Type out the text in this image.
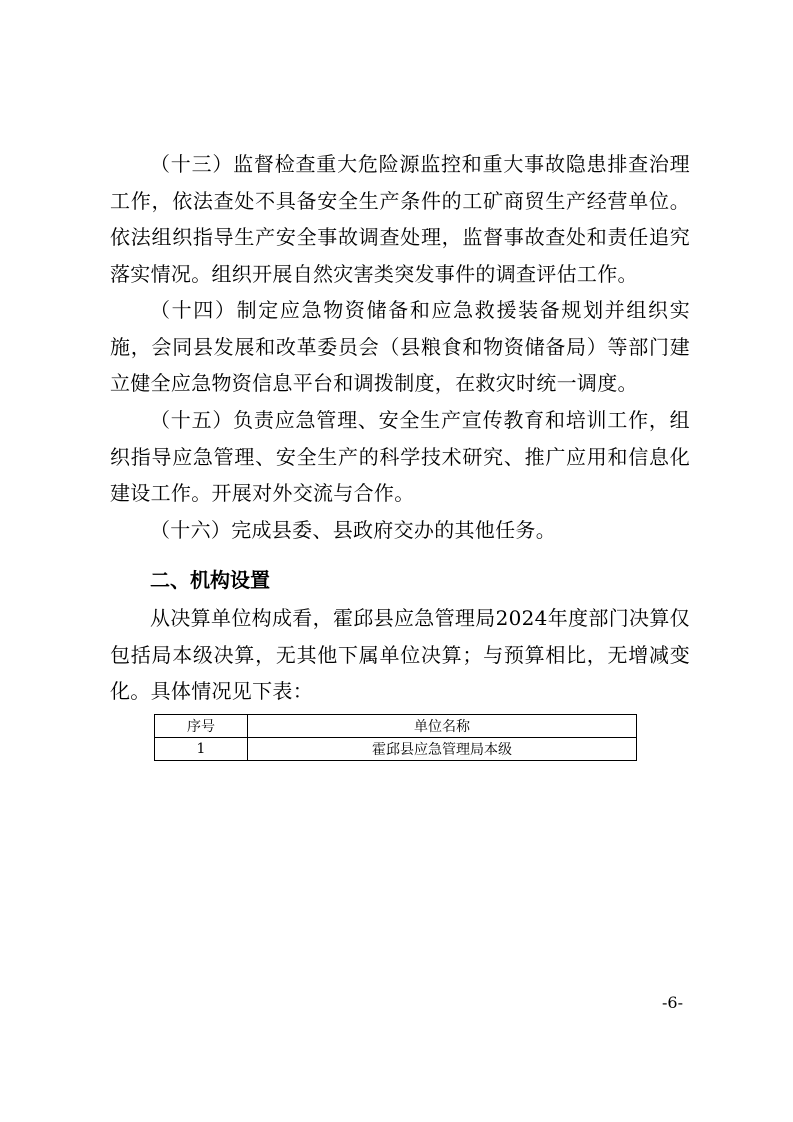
（十三）监督检查重大危险源监控和重大事故隐患排查治理工作，依法查处不具备安全生产条件的工矿商贸生产经营单位。依法组织指导生产安全事故调查处理，监督事故查处和责任追究落实情况。组织开展自然灾害类突发事件的调查评估工作。

（十四）制定应急物资储备和应急救援装备规划并组织实施，会同县发展和改革委员会（县粮食和物资储备局）等部门建立健全应急物资信息平台和调拨制度，在救灾时统一调度。

（十五）负责应急管理、安全生产宣传教育和培训工作，组织指导应急管理、安全生产的科学技术研究、推广应用和信息化建设工作。开展对外交流与合作。

（十六）完成县委、县政府交办的其他任务。

二、机构设置

从决算单位构成看，霍邱县应急管理局2024年度部门决算仅包括局本级决算，无其他下属单位决算；与预算相比，无增减变化。具体情况见下表：

序号	单位名称
1	霍邱县应急管理局本级
-6-
